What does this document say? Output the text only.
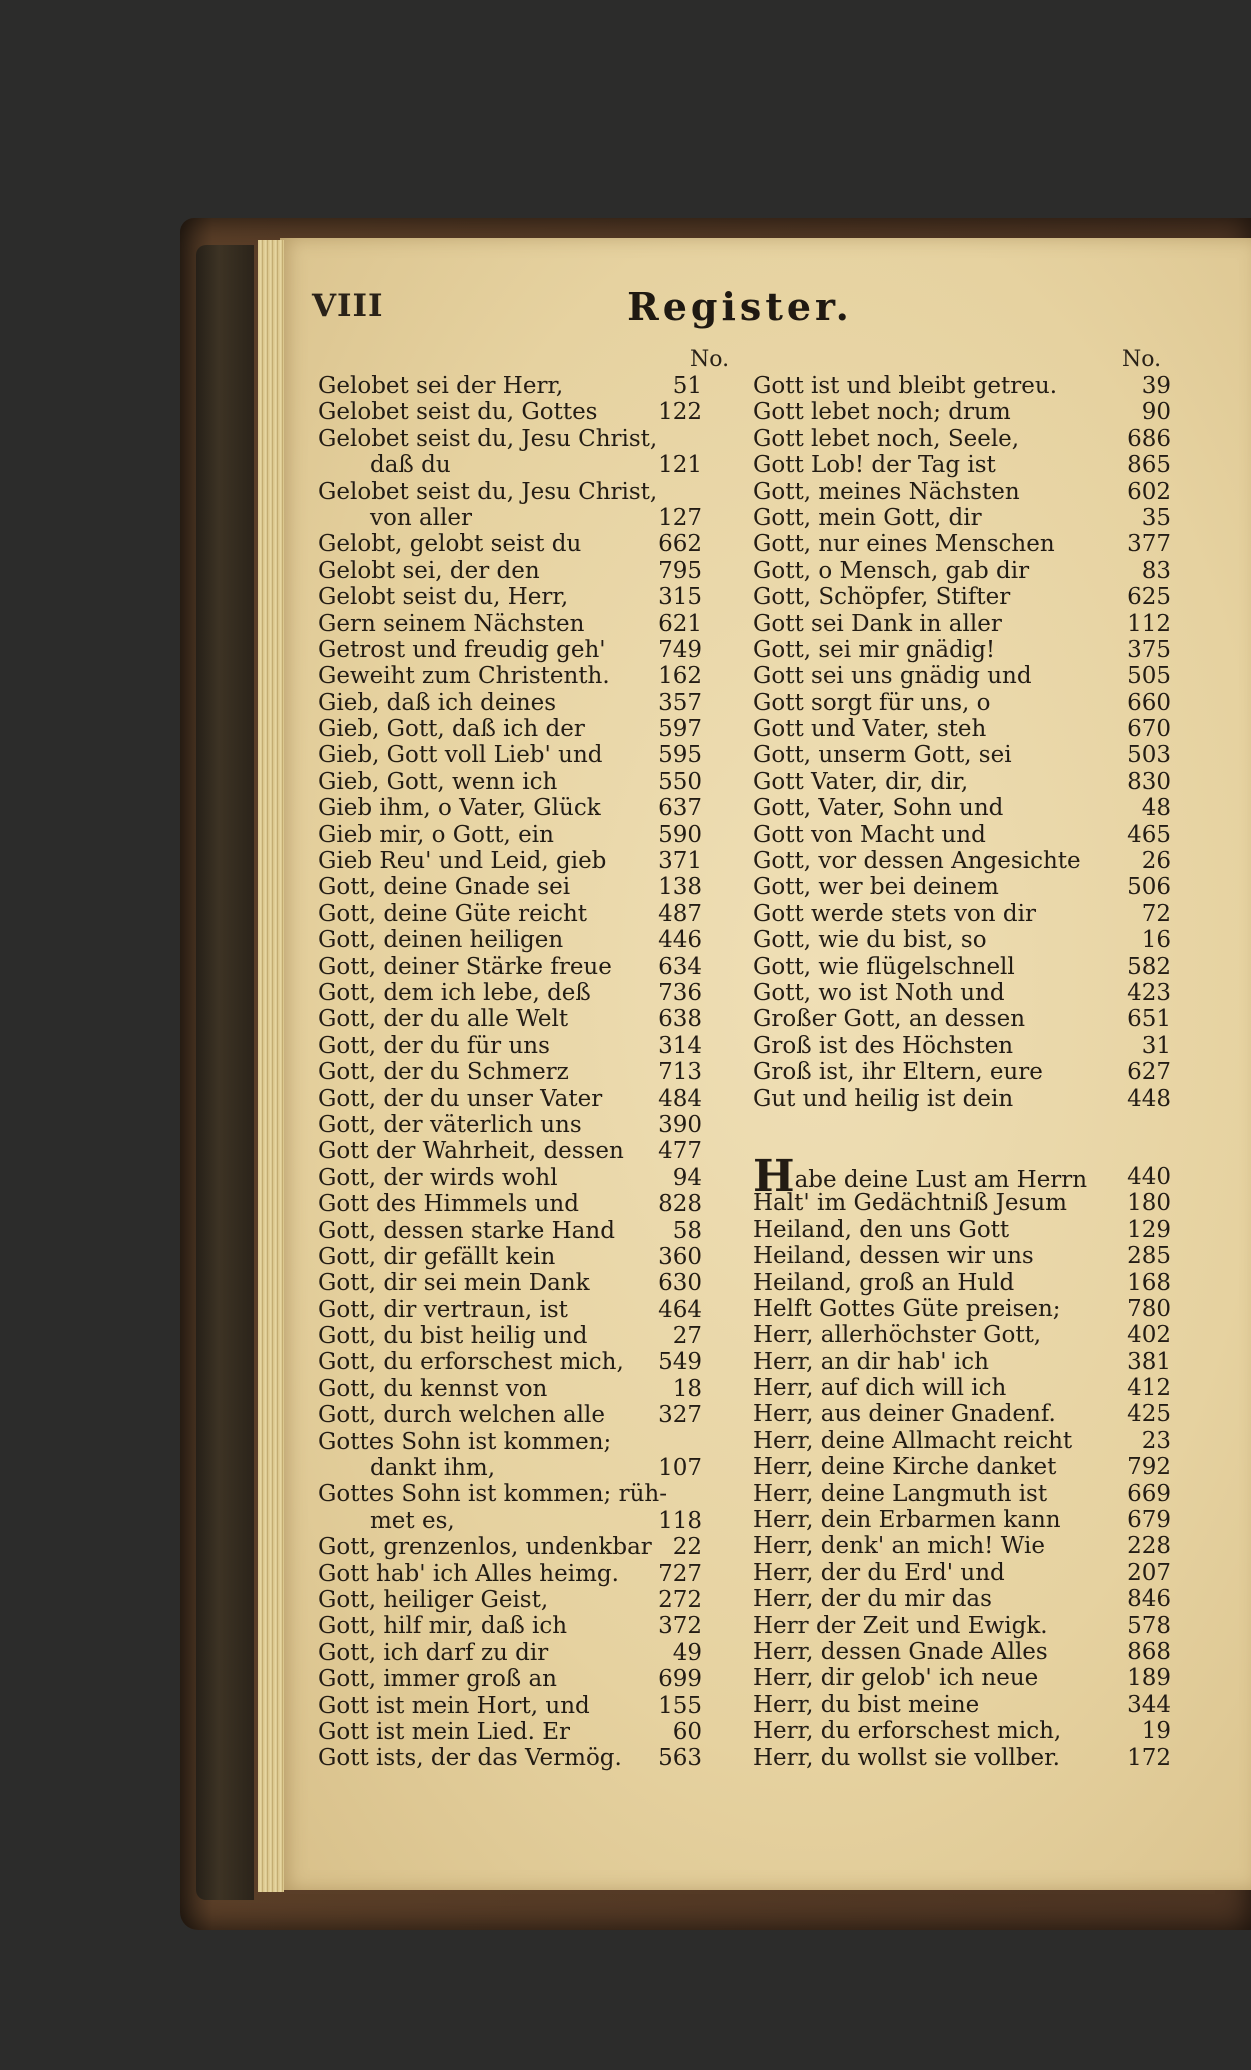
VIII	Register.
No.	No.
Gelobet sei der Herr,	51
Gelobet seist du, Gottes	122
Gelobet seist du, Jesu Christ,
daß du	121
Gelobet seist du, Jesu Christ,
von aller	127
Gelobt, gelobt seist du	662
Gelobt sei, der den	795
Gelobt seist du, Herr,	315
Gern seinem Nächsten	621
Getrost und freudig geh' 749
Geweiht zum Christenth. 162
Gieb, daß ich deines	357
Gieb, Gott, daß ich der	597
Gieb, Gott voll Lieb' und 595
Gieb, Gott, wenn ich	550
Gieb ihm, o Vater, Glück 637
Gieb mir, o Gott, ein	590
Gieb Reu' und Leid, gieb 371
Gott, deine Gnade sei	138
Gott, deine Güte reicht	487
Gott, deinen heiligen	446
Gott, deiner Stärke freue 634
Gott, dem ich lebe, deß	736
Gott, der du alle Welt	638
Gott, der du für uns	314
Gott, der du Schmerz	713
Gott, der du unser Vater 484
Gott, der väterlich uns	390
Gott der Wahrheit, dessen 477
Gott, der wirds wohl	94
Gott des Himmels und	828
Gott, dessen starke Hand	58
Gott, dir gefällt kein	360
Gott, dir sei mein Dank	630
Gott, dir vertraun, ist	464
Gott, du bist heilig und	27
Gott, du erforschest mich, 549
Gott, du kennst von	18
Gott, durch welchen alle 327
Gottes Sohn ist kommen;
dankt ihm,	107
Gottes Sohn ist kommen; rüh-
met es,	118
Gott, grenzenlos, undenkbar 22
Gott hab' ich Alles heimg. 727
Gott, heiliger Geist,	272
Gott, hilf mir, daß ich	372
Gott, ich darf zu dir	49
Gott, immer groß an	699
Gott ist mein Hort, und	155
Gott ist mein Lied. Er	60
Gott ists, der das Vermög. 563
Gott ist und bleibt getreu.	39
Gott lebet noch; drum	90
Gott lebet noch, Seele,	686
Gott Lob! der Tag ist	865
Gott, meines Nächsten	602
Gott, mein Gott, dir	35
Gott, nur eines Menschen	377
Gott, o Mensch, gab dir	83
Gott, Schöpfer, Stifter	625
Gott sei Dank in aller	112
Gott, sei mir gnädig!	375
Gott sei uns gnädig und	505
Gott sorgt für uns, o	660
Gott und Vater, steh	670
Gott, unserm Gott, sei	503
Gott Vater, dir, dir,	830
Gott, Vater, Sohn und	48
Gott von Macht und	465
Gott, vor dessen Angesichte	26
Gott, wer bei deinem	506
Gott werde stets von dir	72
Gott, wie du bist, so	16
Gott, wie flügelschnell	582
Gott, wo ist Noth und	423
Großer Gott, an dessen	651
Groß ist des Höchsten	31
Groß ist, ihr Eltern, eure	627
Gut und heilig ist dein	448
Habe deine Lust am Herrn 440
Halt' im Gedächtniß Jesum	180
Heiland, den uns Gott	129
Heiland, dessen wir uns	285
Heiland, groß an Huld	168
Helft Gottes Güte preisen;	780
Herr, allerhöchster Gott,	402
Herr, an dir hab' ich	381
Herr, auf dich will ich	412
Herr, aus deiner Gnadenf.	425
Herr, deine Allmacht reicht	23
Herr, deine Kirche danket	792
Herr, deine Langmuth ist	669
Herr, dein Erbarmen kann	679
Herr, denk' an mich! Wie	228
Herr, der du Erd' und	207
Herr, der du mir das	846
Herr der Zeit und Ewigk.	578
Herr, dessen Gnade Alles	868
Herr, dir gelob' ich neue	189
Herr, du bist meine	344
Herr, du erforschest mich,	19
Herr, du wollst sie vollber.	172
